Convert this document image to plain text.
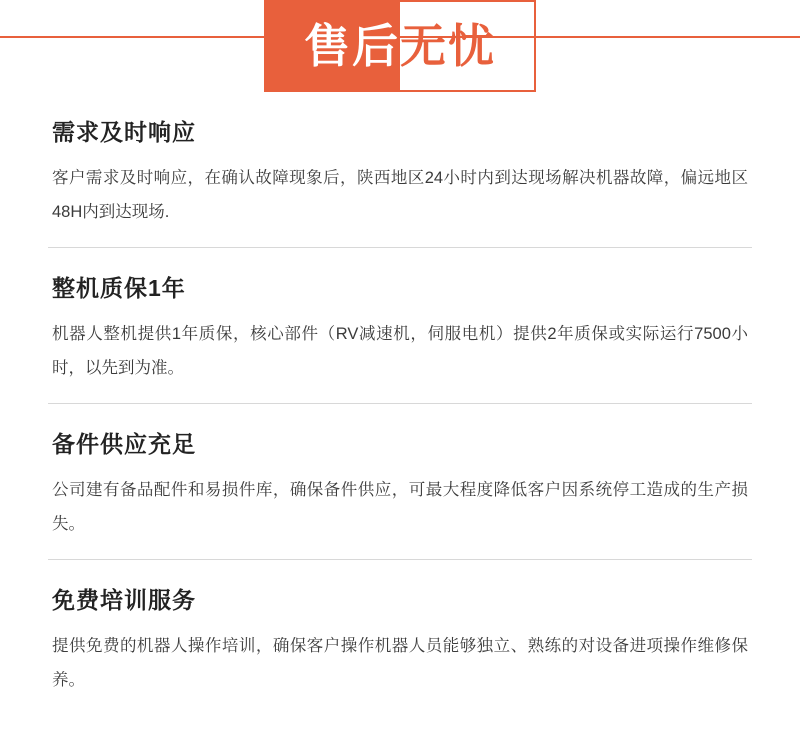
售后无忧
需求及时响应

客户需求及时响应，在确认故障现象后，陕西地区24小时内到达现场解决机器故障，偏远地区48H内到达现场.

整机质保1年

机器人整机提供1年质保，核心部件（RV减速机，伺服电机）提供2年质保或实际运行7500小时，以先到为准。

备件供应充足

公司建有备品配件和易损件库，确保备件供应，可最大程度降低客户因系统停工造成的生产损失。

免费培训服务

提供免费的机器人操作培训，确保客户操作机器人员能够独立、熟练的对设备进项操作维修保养。
